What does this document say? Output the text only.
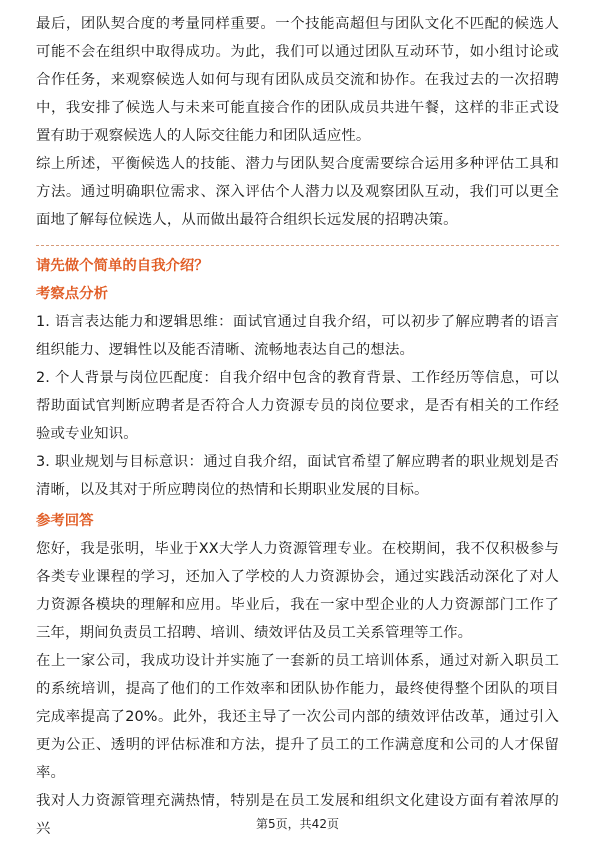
最后，团队契合度的考量同样重要。一个技能高超但与团队文化不匹配的候选人可能不会在组织中取得成功。为此，我们可以通过团队互动环节，如小组讨论或合作任务，来观察候选人如何与现有团队成员交流和协作。在我过去的一次招聘中，我安排了候选人与未来可能直接合作的团队成员共进午餐，这样的非正式设置有助于观察候选人的人际交往能力和团队适应性。

综上所述，平衡候选人的技能、潜力与团队契合度需要综合运用多种评估工具和方法。通过明确职位需求、深入评估个人潜力以及观察团队互动，我们可以更全面地了解每位候选人，从而做出最符合组织长远发展的招聘决策。

请先做个简单的自我介绍？

考察点分析

1. 语言表达能力和逻辑思维：面试官通过自我介绍，可以初步了解应聘者的语言组织能力、逻辑性以及能否清晰、流畅地表达自己的想法。

2. 个人背景与岗位匹配度：自我介绍中包含的教育背景、工作经历等信息，可以帮助面试官判断应聘者是否符合人力资源专员的岗位要求，是否有相关的工作经验或专业知识。

3. 职业规划与目标意识：通过自我介绍，面试官希望了解应聘者的职业规划是否清晰，以及其对于所应聘岗位的热情和长期职业发展的目标。

参考回答

您好，我是张明，毕业于XX大学人力资源管理专业。在校期间，我不仅积极参与各类专业课程的学习，还加入了学校的人力资源协会，通过实践活动深化了对人力资源各模块的理解和应用。毕业后，我在一家中型企业的人力资源部门工作了三年，期间负责员工招聘、培训、绩效评估及员工关系管理等工作。

在上一家公司，我成功设计并实施了一套新的员工培训体系，通过对新入职员工的系统培训，提高了他们的工作效率和团队协作能力，最终使得整个团队的项目完成率提高了20%。此外，我还主导了一次公司内部的绩效评估改革，通过引入更为公正、透明的评估标准和方法，提升了员工的工作满意度和公司的人才保留率。

我对人力资源管理充满热情，特别是在员工发展和组织文化建设方面有着浓厚的兴	第5页，共42页
